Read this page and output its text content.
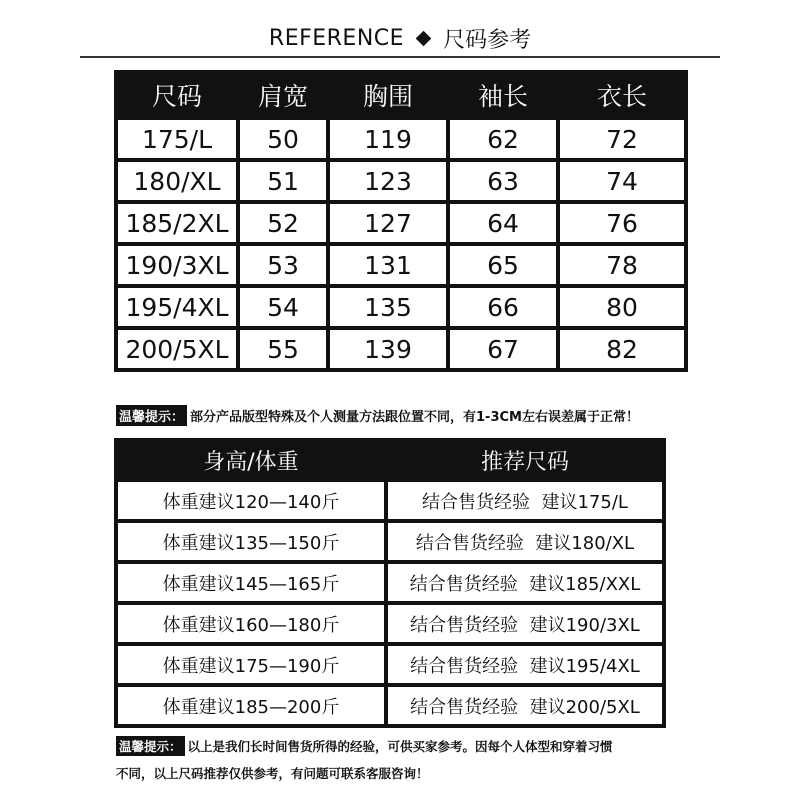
REFERENCE 尺码参考
尺码	肩宽	胸围	袖长	衣长
175/L	50	119	62	72
180/XL	51	123	63	74
185/2XL	52	127	64	76
190/3XL	53	131	65	78
195/4XL	54	135	66	80
200/5XL	55	139	67	82
温馨提示： 部分产品版型特殊及个人测量方法跟位置不同，有1-3CM左右误差属于正常！
身高/体重	推荐尺码
体重建议120—140斤	结合售货经验  建议175/L
体重建议135—150斤	结合售货经验  建议180/XL
体重建议145—165斤	结合售货经验  建议185/XXL
体重建议160—180斤	结合售货经验  建议190/3XL
体重建议175—190斤	结合售货经验  建议195/4XL
体重建议185—200斤	结合售货经验  建议200/5XL
温馨提示： 以上是我们长时间售货所得的经验，可供买家参考。因每个人体型和穿着习惯
不同，以上尺码推荐仅供参考，有问题可联系客服咨询！
